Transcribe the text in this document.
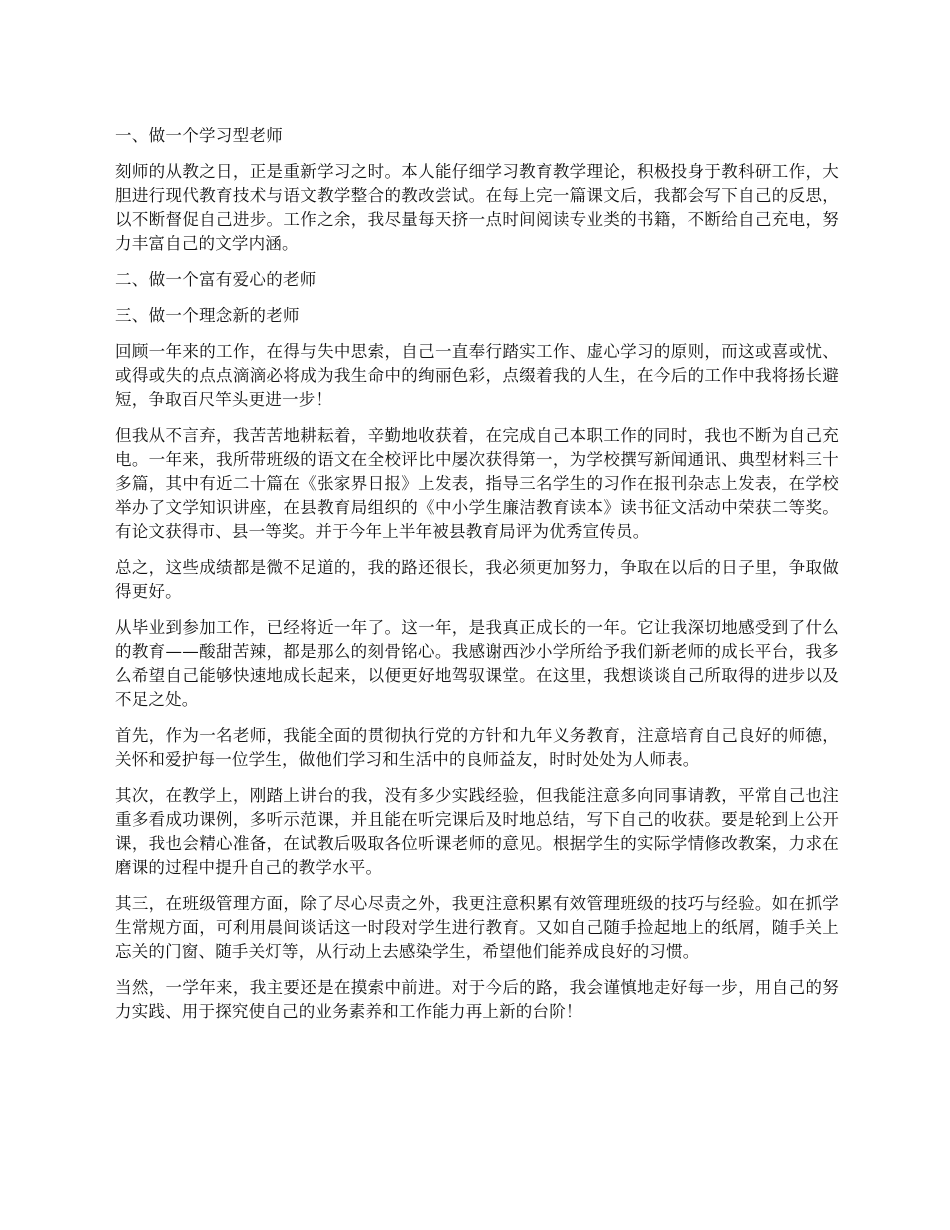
一、做一个学习型老师
刻师的从教之日，正是重新学习之时。本人能仔细学习教育教学理论，积极投身于教科研工作，大胆进行现代教育技术与语文教学整合的教改尝试。在每上完一篇课文后，我都会写下自己的反思，以不断督促自己进步。工作之余，我尽量每天挤一点时间阅读专业类的书籍，不断给自己充电，努力丰富自己的文学内涵。
二、做一个富有爱心的老师
三、做一个理念新的老师
回顾一年来的工作，在得与失中思索，自己一直奉行踏实工作、虚心学习的原则，而这或喜或忧、或得或失的点点滴滴必将成为我生命中的绚丽色彩，点缀着我的人生，在今后的工作中我将扬长避短，争取百尺竿头更进一步！
但我从不言弃，我苦苦地耕耘着，辛勤地收获着，在完成自己本职工作的同时，我也不断为自己充电。一年来，我所带班级的语文在全校评比中屡次获得第一，为学校撰写新闻通讯、典型材料三十多篇，其中有近二十篇在《张家界日报》上发表，指导三名学生的习作在报刊杂志上发表，在学校举办了文学知识讲座，在县教育局组织的《中小学生廉洁教育读本》读书征文活动中荣获二等奖。有论文获得市、县一等奖。并于今年上半年被县教育局评为优秀宣传员。
总之，这些成绩都是微不足道的，我的路还很长，我必须更加努力，争取在以后的日子里，争取做得更好。
从毕业到参加工作，已经将近一年了。这一年，是我真正成长的一年。它让我深切地感受到了什么的教育——酸甜苦辣，都是那么的刻骨铭心。我感谢西沙小学所给予我们新老师的成长平台，我多么希望自己能够快速地成长起来，以便更好地驾驭课堂。在这里，我想谈谈自己所取得的进步以及不足之处。
首先，作为一名老师，我能全面的贯彻执行党的方针和九年义务教育，注意培育自己良好的师德，关怀和爱护每一位学生，做他们学习和生活中的良师益友，时时处处为人师表。
其次，在教学上，刚踏上讲台的我，没有多少实践经验，但我能注意多向同事请教，平常自己也注重多看成功课例，多听示范课，并且能在听完课后及时地总结，写下自己的收获。要是轮到上公开课，我也会精心准备，在试教后吸取各位听课老师的意见。根据学生的实际学情修改教案，力求在磨课的过程中提升自己的教学水平。
其三，在班级管理方面，除了尽心尽责之外，我更注意积累有效管理班级的技巧与经验。如在抓学生常规方面，可利用晨间谈话这一时段对学生进行教育。又如自己随手捡起地上的纸屑，随手关上忘关的门窗、随手关灯等，从行动上去感染学生，希望他们能养成良好的习惯。
当然，一学年来，我主要还是在摸索中前进。对于今后的路，我会谨慎地走好每一步，用自己的努力实践、用于探究使自己的业务素养和工作能力再上新的台阶！
